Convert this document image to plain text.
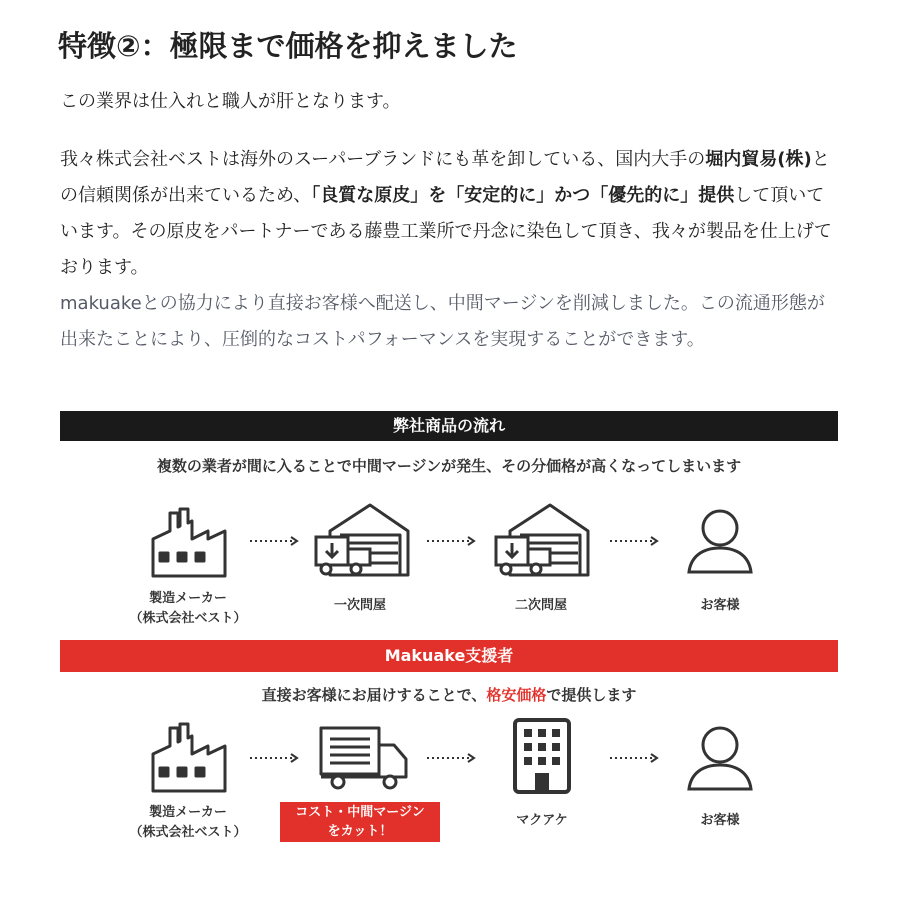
特徴②：極限まで価格を抑えました

この業界は仕入れと職人が肝となります。

我々株式会社ベストは海外のスーパーブランドにも革を卸している、国内大手の堀内貿易(株)との信頼関係が出来ているため、「良質な原皮」を「安定的に」かつ「優先的に」提供して頂いています。その原皮をパートナーである藤豊工業所で丹念に染色して頂き、我々が製品を仕上げております。
makuakeとの協力により直接お客様へ配送し、中間マージンを削減しました。この流通形態が出来たことにより、圧倒的なコストパフォーマンスを実現することができます。

弊社商品の流れ
複数の業者が間に入ることで中間マージンが発生、その分価格が高くなってしまいます
製造メーカー
（株式会社ベスト）
一次問屋	二次問屋	お客様
Makuake支援者
直接お客様にお届けすることで、格安価格で提供します
製造メーカー
（株式会社ベスト）
コスト・中間マージン
をカット！
マクアケ	お客様
